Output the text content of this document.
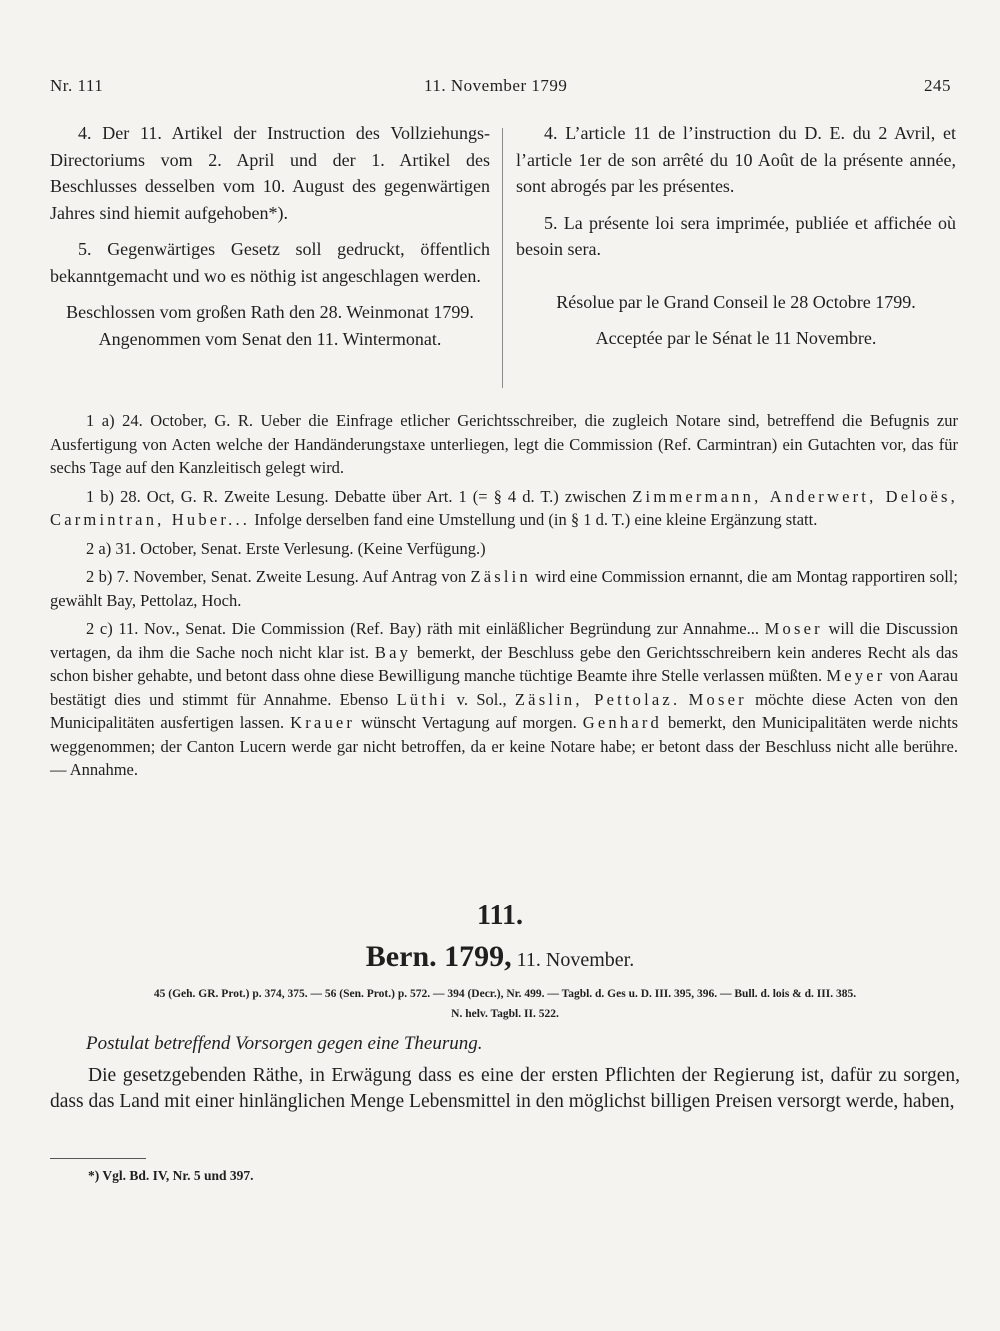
Nr. 111	11. November 1799	245

4. Der 11. Artikel der Instruction des Vollziehungs-Directoriums vom 2. April und der 1. Artikel des Beschlusses desselben vom 10. August des gegenwärtigen Jahres sind hiemit aufgehoben*).

5. Gegenwärtiges Gesetz soll gedruckt, öffentlich bekanntgemacht und wo es nöthig ist angeschlagen werden.

Beschlossen vom großen Rath den 28. Weinmonat 1799.

Angenommen vom Senat den 11. Wintermonat.

4. L’article 11 de l’instruction du D. E. du 2 Avril, et l’article 1er de son arrêté du 10 Août de la présente année, sont abrogés par les présentes.

5. La présente loi sera imprimée, publiée et affichée où besoin sera.

Résolue par le Grand Conseil le 28 Octobre 1799.

Acceptée par le Sénat le 11 Novembre.

1 a) 24. October, G. R. Ueber die Einfrage etlicher Gerichtsschreiber, die zugleich Notare sind, betreffend die Befugnis zur Ausfertigung von Acten welche der Handänderungstaxe unterliegen, legt die Commission (Ref. Carmintran) ein Gutachten vor, das für sechs Tage auf den Kanzleitisch gelegt wird.

1 b) 28. Oct, G. R. Zweite Lesung. Debatte über Art. 1 (= § 4 d. T.) zwischen Zimmermann, Anderwert, Deloës, Carmintran, Huber... Infolge derselben fand eine Umstellung und (in § 1 d. T.) eine kleine Ergänzung statt.

2 a) 31. October, Senat. Erste Verlesung. (Keine Verfügung.)

2 b) 7. November, Senat. Zweite Lesung. Auf Antrag von Zäslin wird eine Commission ernannt, die am Montag rapportiren soll; gewählt Bay, Pettolaz, Hoch.

2 c) 11. Nov., Senat. Die Commission (Ref. Bay) räth mit einläßlicher Begründung zur Annahme... Moser will die Discussion vertagen, da ihm die Sache noch nicht klar ist. Bay bemerkt, der Beschluss gebe den Gerichtsschreibern kein anderes Recht als das schon bisher gehabte, und betont dass ohne diese Bewilligung manche tüchtige Beamte ihre Stelle verlassen müßten. Meyer von Aarau bestätigt dies und stimmt für Annahme. Ebenso Lüthi v. Sol., Zäslin, Pettolaz. Moser möchte diese Acten von den Municipalitäten ausfertigen lassen. Krauer wünscht Vertagung auf morgen. Genhard bemerkt, den Municipalitäten werde nichts weggenommen; der Canton Lucern werde gar nicht betroffen, da er keine Notare habe; er betont dass der Beschluss nicht alle berühre. — Annahme.

111.
Bern. 1799, 11. November.
45 (Geh. GR. Prot.) p. 374, 375. — 56 (Sen. Prot.) p. 572. — 394 (Decr.), Nr. 499. — Tagbl. d. Ges u. D. III. 395, 396. — Bull. d. lois & d. III. 385.
N. helv. Tagbl. II. 522.
Postulat betreffend Vorsorgen gegen eine Theurung.

Die gesetzgebenden Räthe, in Erwägung dass es eine der ersten Pflichten der Regierung ist, dafür zu sorgen, dass das Land mit einer hinlänglichen Menge Lebensmittel in den möglichst billigen Preisen versorgt werde, haben,

*) Vgl. Bd. IV, Nr. 5 und 397.
